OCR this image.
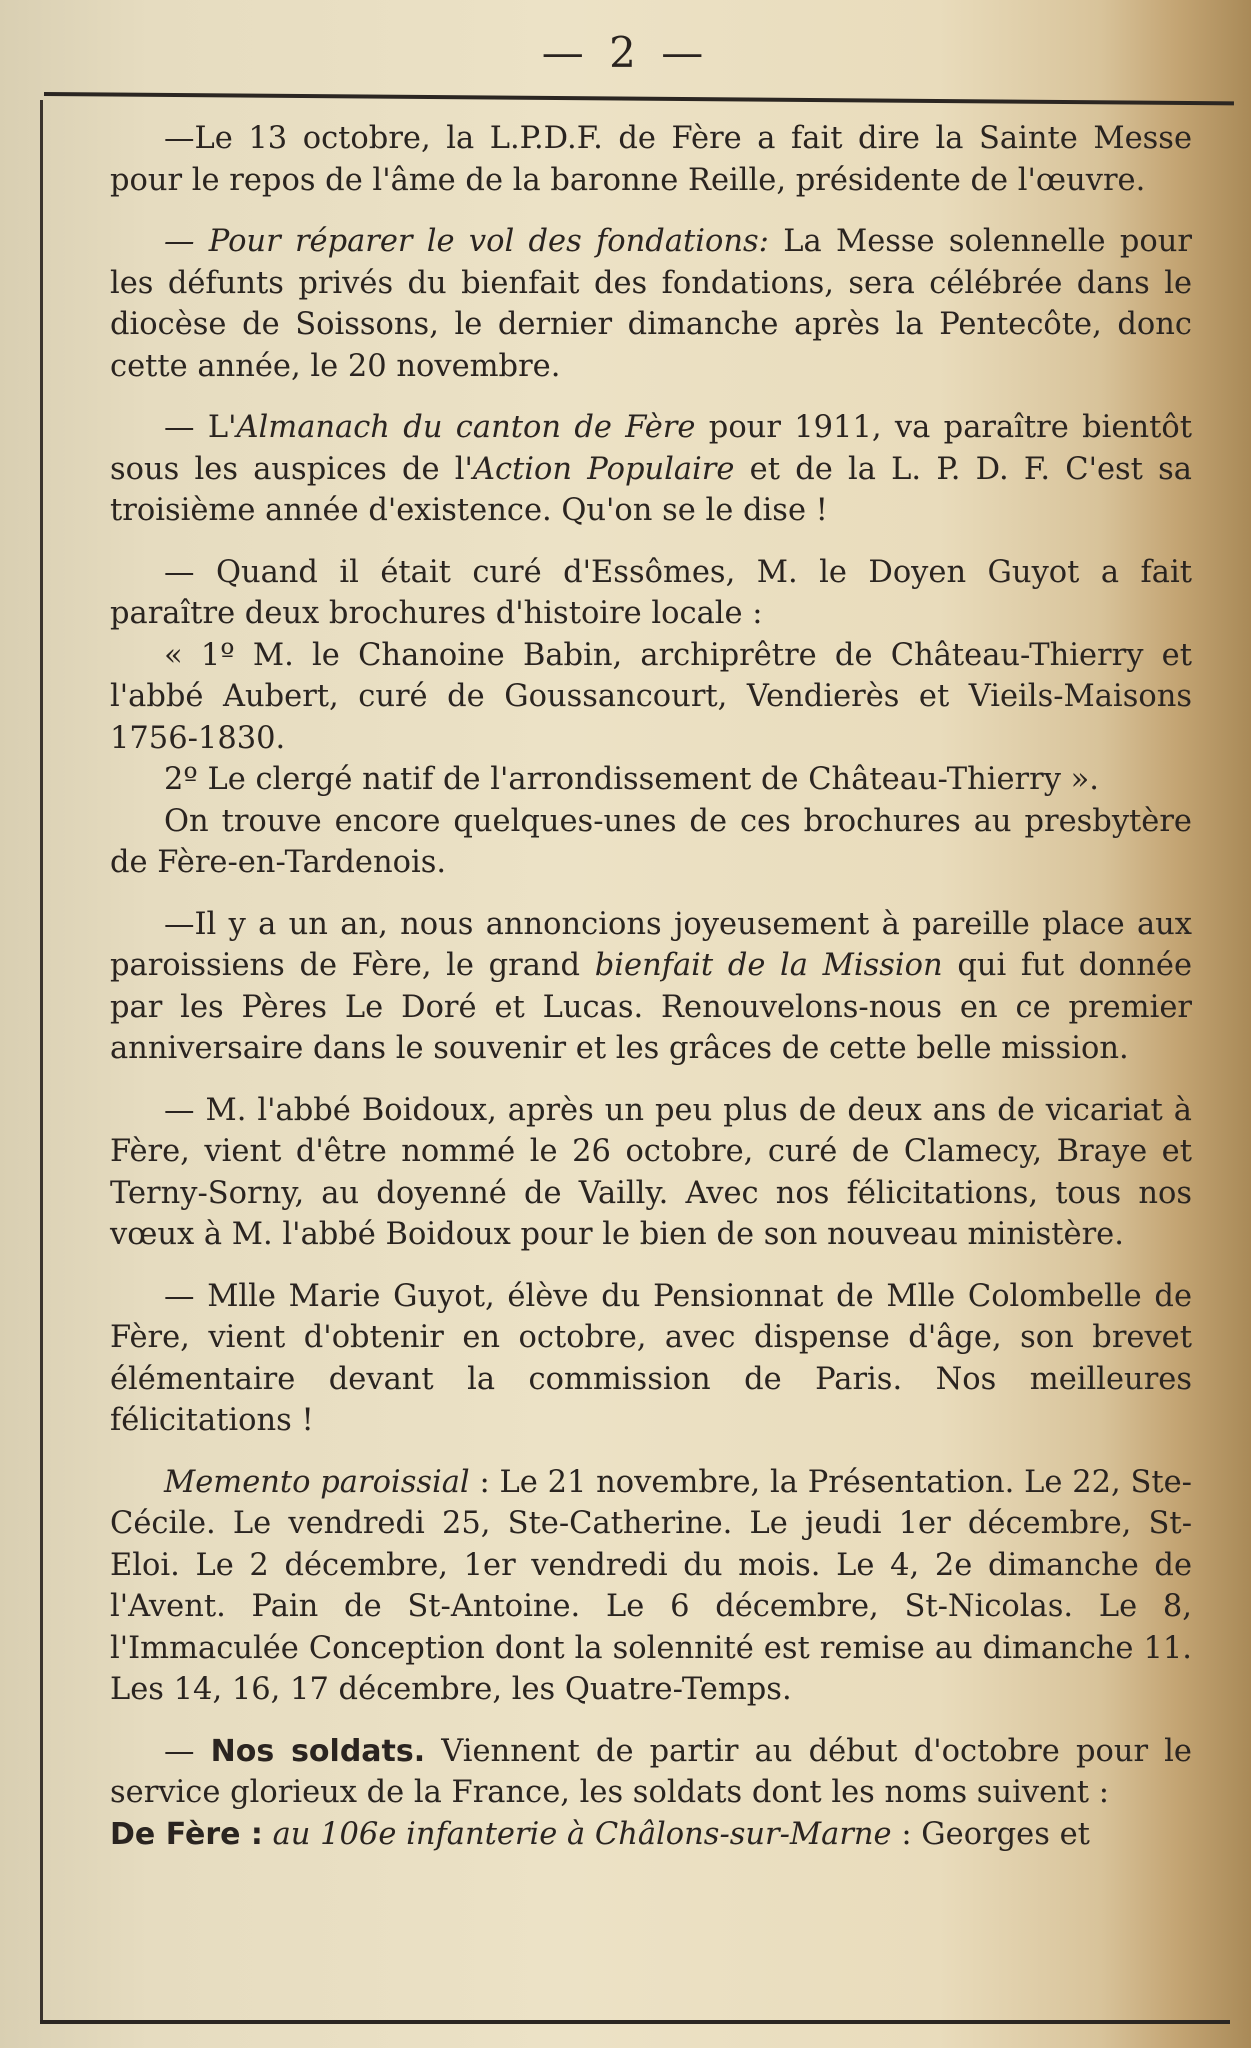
— 2 —

—Le 13 octobre, la L.P.D.F. de Fère a fait dire la Sainte Messe pour le repos de l'âme de la baronne Reille, présidente de l'œuvre.

— Pour réparer le vol des fondations: La Messe solennelle pour les défunts privés du bienfait des fondations, sera célébrée dans le diocèse de Soissons, le dernier dimanche après la Pentecôte, donc cette année, le 20 novembre.

— L'Almanach du canton de Fère pour 1911, va paraître bientôt sous les auspices de l'Action Populaire et de la L. P. D. F. C'est sa troisième année d'existence. Qu'on se le dise !

— Quand il était curé d'Essômes, M. le Doyen Guyot a fait paraître deux brochures d'histoire locale :

« 1º M. le Chanoine Babin, archiprêtre de Château-Thierry et l'abbé Aubert, curé de Goussancourt, Vendierès et Vieils-Maisons 1756-1830.

2º Le clergé natif de l'arrondissement de Château-Thierry ».

On trouve encore quelques-unes de ces brochures au presbytère de Fère-en-Tardenois.

—Il y a un an, nous annoncions joyeusement à pareille place aux paroissiens de Fère, le grand bienfait de la Mission qui fut donnée par les Pères Le Doré et Lucas. Renouvelons-nous en ce premier anniversaire dans le souvenir et les grâces de cette belle mission.

— M. l'abbé Boidoux, après un peu plus de deux ans de vicariat à Fère, vient d'être nommé le 26 octobre, curé de Clamecy, Braye et Terny-Sorny, au doyenné de Vailly. Avec nos félicitations, tous nos vœux à M. l'abbé Boidoux pour le bien de son nouveau ministère.

— Mlle Marie Guyot, élève du Pensionnat de Mlle Colombelle de Fère, vient d'obtenir en octobre, avec dispense d'âge, son brevet élémentaire devant la commission de Paris. Nos meilleures félicitations !

Memento paroissial : Le 21 novembre, la Présentation. Le 22, Ste-Cécile. Le vendredi 25, Ste-Catherine. Le jeudi 1er décembre, St-Eloi. Le 2 décembre, 1er vendredi du mois. Le 4, 2e dimanche de l'Avent. Pain de St-Antoine. Le 6 décembre, St-Nicolas. Le 8, l'Immaculée Conception dont la solennité est remise au dimanche 11. Les 14, 16, 17 décembre, les Quatre-Temps.

— Nos soldats. Viennent de partir au début d'octobre pour le service glorieux de la France, les soldats dont les noms suivent :
De Fère : au 106e infanterie à Châlons-sur-Marne : Georges et
